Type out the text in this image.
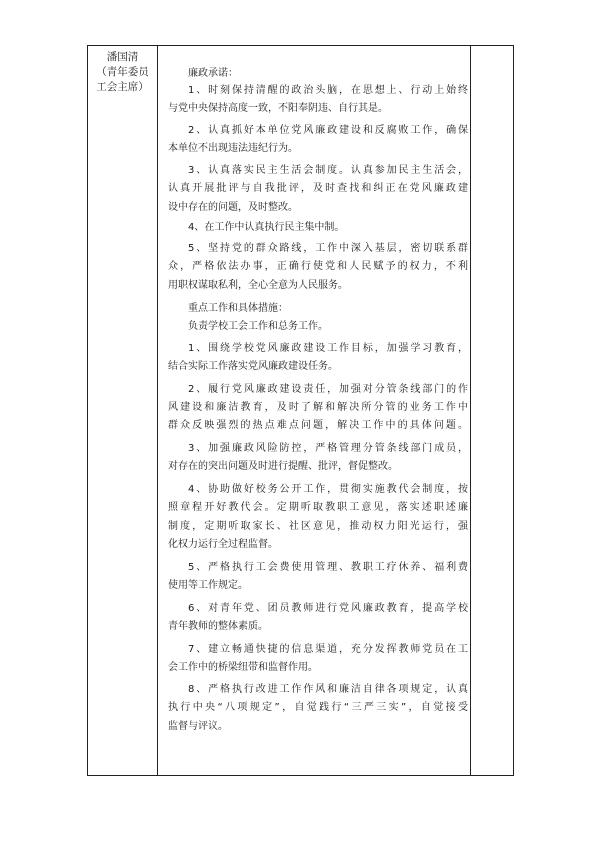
潘国清
（青年委员
工会主席）
廉政承诺：
1、时刻保持清醒的政治头脑，在思想上、行动上始终
与党中央保持高度一致，不阳奉阴违、自行其是。
2、认真抓好本单位党风廉政建设和反腐败工作，确保
本单位不出现违法违纪行为。
3、认真落实民主生活会制度。认真参加民主生活会，
认真开展批评与自我批评，及时查找和纠正在党风廉政建
设中存在的问题，及时整改。
4、在工作中认真执行民主集中制。
5、坚持党的群众路线，工作中深入基层，密切联系群
众，严格依法办事，正确行使党和人民赋予的权力，不利
用职权谋取私利，全心全意为人民服务。
重点工作和具体措施：
负责学校工会工作和总务工作。
1、围绕学校党风廉政建设工作目标，加强学习教育，
结合实际工作落实党风廉政建设任务。
2、履行党风廉政建设责任，加强对分管条线部门的作
风建设和廉洁教育，及时了解和解决所分管的业务工作中
群众反映强烈的热点难点问题，解决工作中的具体问题。
3、加强廉政风险防控，严格管理分管条线部门成员，
对存在的突出问题及时进行提醒、批评，督促整改。
4、协助做好校务公开工作，贯彻实施教代会制度，按
照章程开好教代会。定期听取教职工意见，落实述职述廉
制度，定期听取家长、社区意见，推动权力阳光运行，强
化权力运行全过程监督。
5、严格执行工会费使用管理、教职工疗休养、福利费
使用等工作规定。
6、对青年党、团员教师进行党风廉政教育，提高学校
青年教师的整体素质。
7、建立畅通快捷的信息渠道，充分发挥教师党员在工
会工作中的桥梁纽带和监督作用。
8、严格执行改进工作作风和廉洁自律各项规定，认真
执行中央“八项规定”，自觉践行“三严三实”，自觉接受
监督与评议。
